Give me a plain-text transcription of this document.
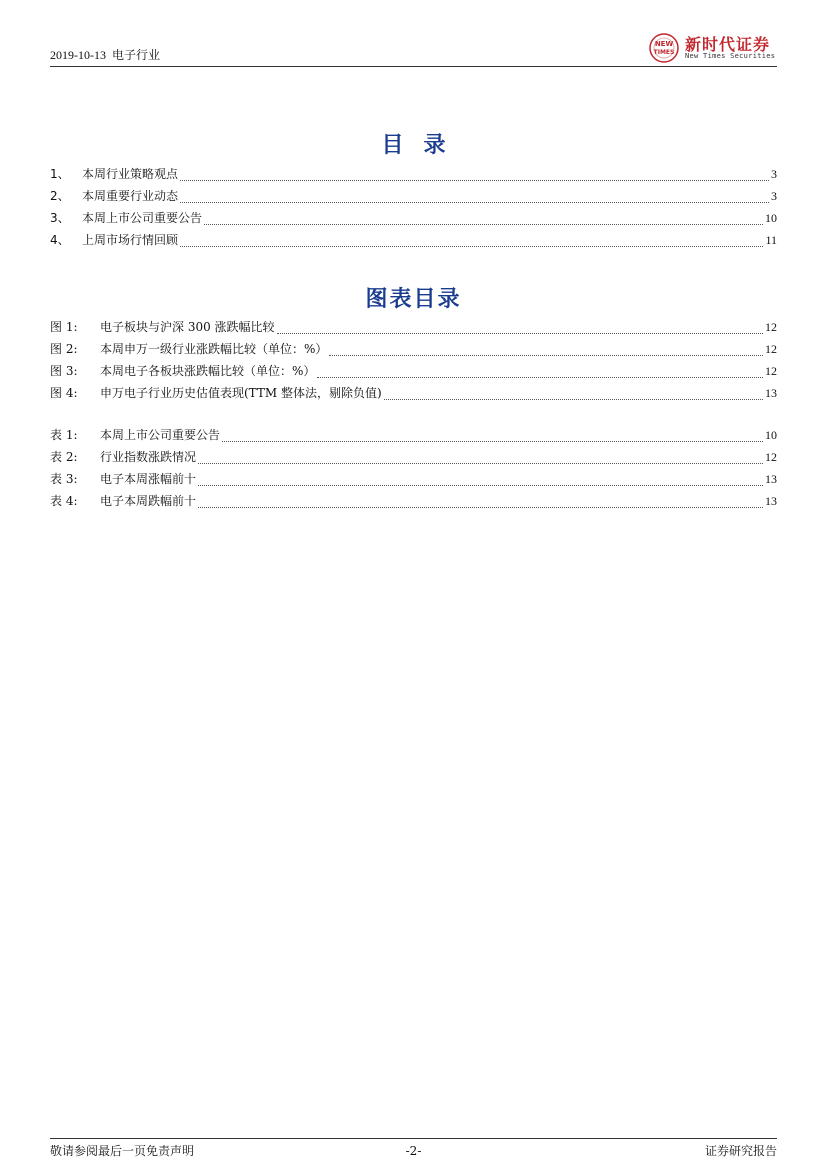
2019-10-13 电子行业
NEW
TIMES 新时代证券
New Times Securities
目录
1、	本周行业策略观点	3
2、	本周重要行业动态	3
3、	本周上市公司重要公告	10
4、	上周市场行情回顾	11
图表目录
图 1:	电子板块与沪深 300 涨跌幅比较	12
图 2:	本周申万一级行业涨跌幅比较（单位：%）	12
图 3:	本周电子各板块涨跌幅比较（单位：%）	12
图 4:	申万电子行业历史估值表现(TTM 整体法，剔除负值)	13
表 1:	本周上市公司重要公告	10
表 2:	行业指数涨跌情况	12
表 3:	电子本周涨幅前十	13
表 4:	电子本周跌幅前十	13
敬请参阅最后一页免责声明	-2-	证券研究报告
